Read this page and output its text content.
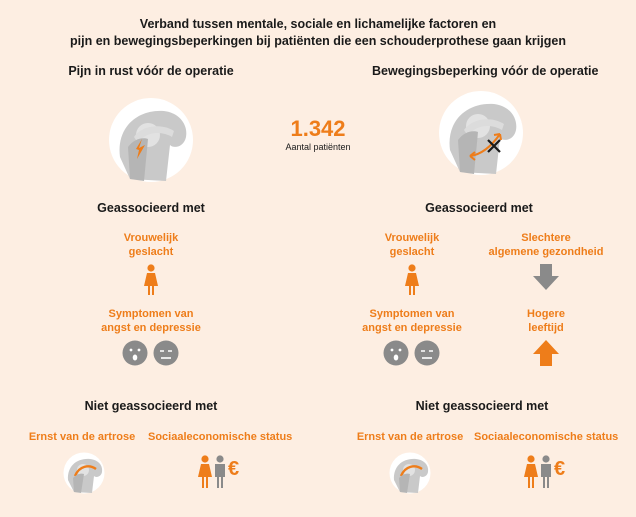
Verband tussen mentale, sociale en lichamelijke factoren en
pijn en bewegingsbeperkingen bij patiënten die een schouderprothese gaan krijgen
Pijn in rust vóór de operatie	Bewegingsbeperking vóór de operatie
1.342
Aantal patiënten
Geassocieerd met	Geassocieerd met
Vrouwelijk
geslacht
Symptomen van
angst en depressie
Vrouwelijk
geslacht
Slechtere
algemene gezondheid
Symptomen van
angst en depressie
Hogere
leeftijd
Niet geassocieerd met	Niet geassocieerd met
Ernst van de artrose	Sociaaleconomische status
€
Ernst van de artrose Sociaaleconomische status
€
